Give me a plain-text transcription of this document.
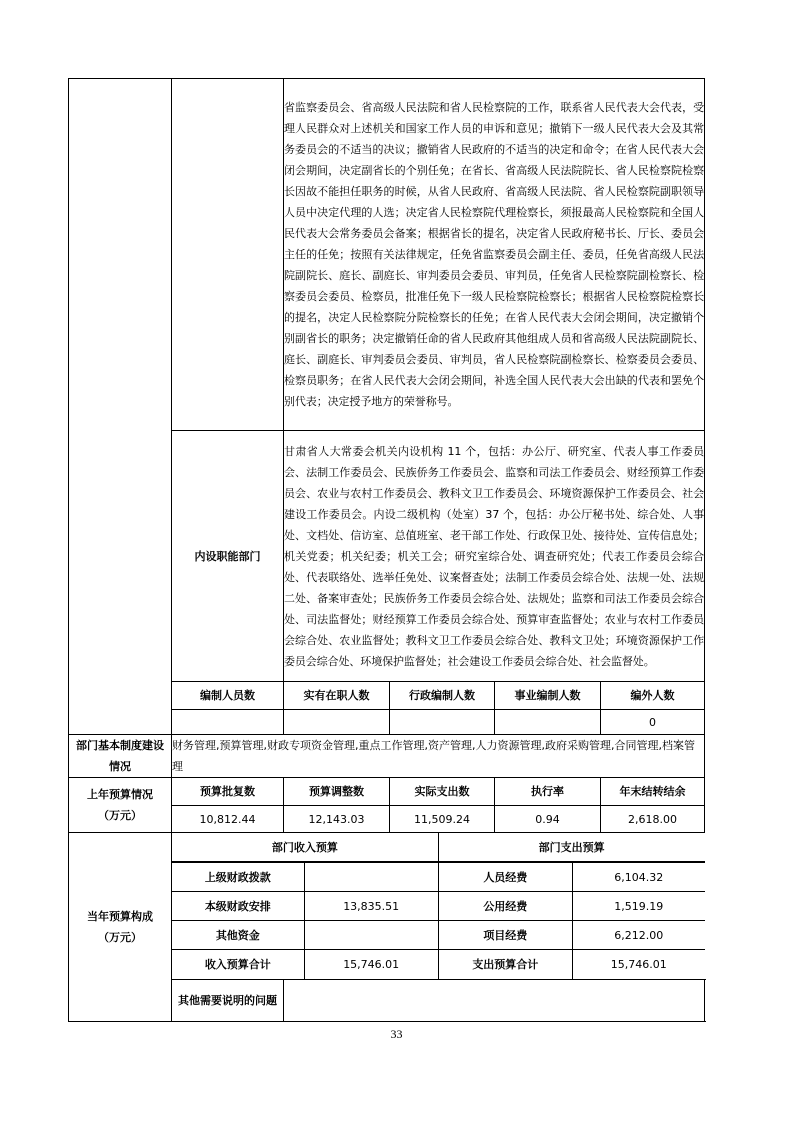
		省监察委员会、省高级人民法院和省人民检察院的工作，联系省人民代表大会代表，受理人民群众对上述机关和国家工作人员的申诉和意见；撤销下一级人民代表大会及其常务委员会的不适当的决议；撤销省人民政府的不适当的决定和命令；在省人民代表大会闭会期间，决定副省长的个别任免；在省长、省高级人民法院院长、省人民检察院检察长因故不能担任职务的时候，从省人民政府、省高级人民法院、省人民检察院副职领导人员中决定代理的人选；决定省人民检察院代理检察长，须报最高人民检察院和全国人民代表大会常务委员会备案；根据省长的提名，决定省人民政府秘书长、厅长、委员会主任的任免；按照有关法律规定，任免省监察委员会副主任、委员，任免省高级人民法院副院长、庭长、副庭长、审判委员会委员、审判员，任免省人民检察院副检察长、检察委员会委员、检察员，批准任免下一级人民检察院检察长；根据省人民检察院检察长的提名，决定人民检察院分院检察长的任免；在省人民代表大会闭会期间，决定撤销个别副省长的职务；决定撤销任命的省人民政府其他组成人员和省高级人民法院副院长、庭长、副庭长、审判委员会委员、审判员，省人民检察院副检察长、检察委员会委员、检察员职务；在省人民代表大会闭会期间，补选全国人民代表大会出缺的代表和罢免个别代表；决定授予地方的荣誉称号。
内设职能部门	甘肃省人大常委会机关内设机构 11 个，包括：办公厅、研究室、代表人事工作委员会、法制工作委员会、民族侨务工作委员会、监察和司法工作委员会、财经预算工作委员会、农业与农村工作委员会、教科文卫工作委员会、环境资源保护工作委员会、社会建设工作委员会。内设二级机构（处室）37 个，包括：办公厅秘书处、综合处、人事处、文档处、信访室、总值班室、老干部工作处、行政保卫处、接待处、宣传信息处；机关党委；机关纪委；机关工会；研究室综合处、调查研究处；代表工作委员会综合处、代表联络处、选举任免处、议案督查处；法制工作委员会综合处、法规一处、法规二处、备案审查处；民族侨务工作委员会综合处、法规处；监察和司法工作委员会综合处、司法监督处；财经预算工作委员会综合处、预算审查监督处；农业与农村工作委员会综合处、农业监督处；教科文卫工作委员会综合处、教科文卫处；环境资源保护工作委员会综合处、环境保护监督处；社会建设工作委员会综合处、社会监督处。
编制人员数	实有在职人数	行政编制人数	事业编制人数	编外人数
				0
部门基本制度建设情况	财务管理,预算管理,财政专项资金管理,重点工作管理,资产管理,人力资源管理,政府采购管理,合同管理,档案管理
上年预算情况（万元）	预算批复数	预算调整数	实际支出数	执行率	年末结转结余
10,812.44	12,143.03	11,509.24	0.94	2,618.00
当年预算构成（万元）		

部门收入预算	部门支出预算

上级财政拨款		人员经费	6,104.32
本级财政安排	13,835.51	公用经费	1,519.19
其他资金		项目经费	6,212.00
收入预算合计	15,746.01	支出预算合计	15,746.01

其他需要说明的问题	
33
